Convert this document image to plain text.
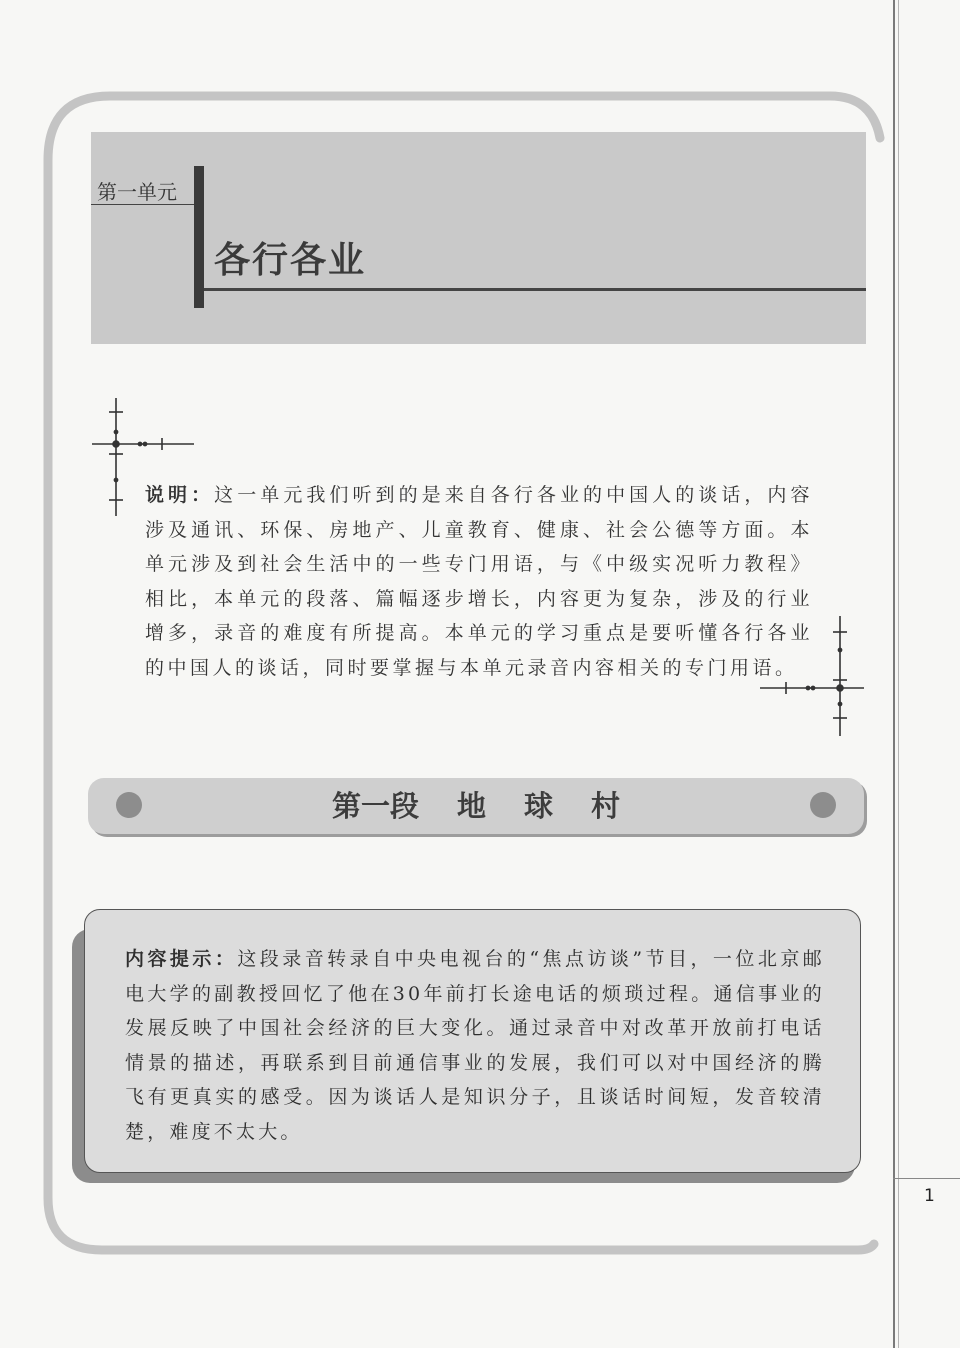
1
第一单元
各行各业

说明：这一单元我们听到的是来自各行各业的中国人的谈话，内容涉及通讯、环保、房地产、儿童教育、健康、社会公德等方面。本单元涉及到社会生活中的一些专门用语，与《中级实况听力教程》相比，本单元的段落、篇幅逐步增长，内容更为复杂，涉及的行业增多，录音的难度有所提高。本单元的学习重点是要听懂各行各业的中国人的谈话，同时要掌握与本单元录音内容相关的专门用语。

第一段 地 球 村

内容提示：这段录音转录自中央电视台的“焦点访谈”节目，一位北京邮电大学的副教授回忆了他在30年前打长途电话的烦琐过程。通信事业的发展反映了中国社会经济的巨大变化。通过录音中对改革开放前打电话情景的描述，再联系到目前通信事业的发展，我们可以对中国经济的腾飞有更真实的感受。因为谈话人是知识分子，且谈话时间短，发音较清楚，难度不太大。
